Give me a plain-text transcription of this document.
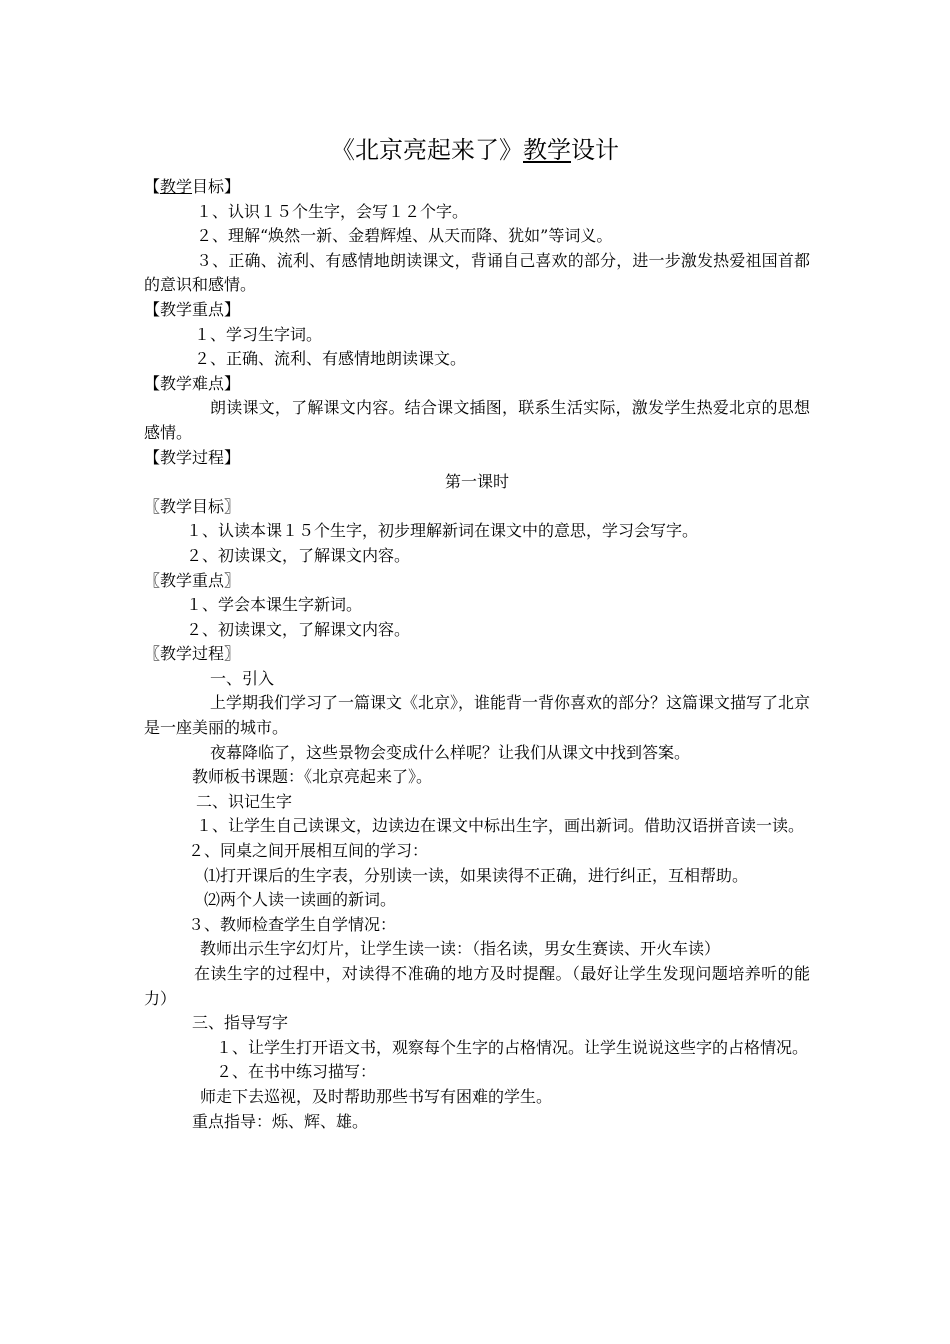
《北京亮起来了》教学设计

【教学目标】

１、认识１５个生字，会写１２个字。

２、理解“焕然一新、金碧辉煌、从天而降、犹如”等词义。

３、正确、流利、有感情地朗读课文，背诵自己喜欢的部分，进一步激发热爱祖国首都的意识和感情。

【教学重点】

１、学习生字词。

２、正确、流利、有感情地朗读课文。

【教学难点】

朗读课文，了解课文内容。结合课文插图，联系生活实际，激发学生热爱北京的思想感情。

【教学过程】

第一课时

〖教学目标〗

１、认读本课１５个生字，初步理解新词在课文中的意思，学习会写字。

２、初读课文，了解课文内容。

〖教学重点〗

１、学会本课生字新词。

２、初读课文，了解课文内容。

〖教学过程〗

一、引入

上学期我们学习了一篇课文《北京》，谁能背一背你喜欢的部分？这篇课文描写了北京是一座美丽的城市。

夜幕降临了，这些景物会变成什么样呢？让我们从课文中找到答案。

教师板书课题：《北京亮起来了》。

二、识记生字

１、让学生自己读课文，边读边在课文中标出生字，画出新词。借助汉语拼音读一读。

２、同桌之间开展相互间的学习：

⑴打开课后的生字表，分别读一读，如果读得不正确，进行纠正，互相帮助。

⑵两个人读一读画的新词。

３、教师检查学生自学情况：

教师出示生字幻灯片，让学生读一读：（指名读，男女生赛读、开火车读）

在读生字的过程中，对读得不准确的地方及时提醒。（最好让学生发现问题培养听的能力）

三、指导写字

１、让学生打开语文书，观察每个生字的占格情况。让学生说说这些字的占格情况。

２、在书中练习描写：

师走下去巡视，及时帮助那些书写有困难的学生。

重点指导：烁、辉、雄。
